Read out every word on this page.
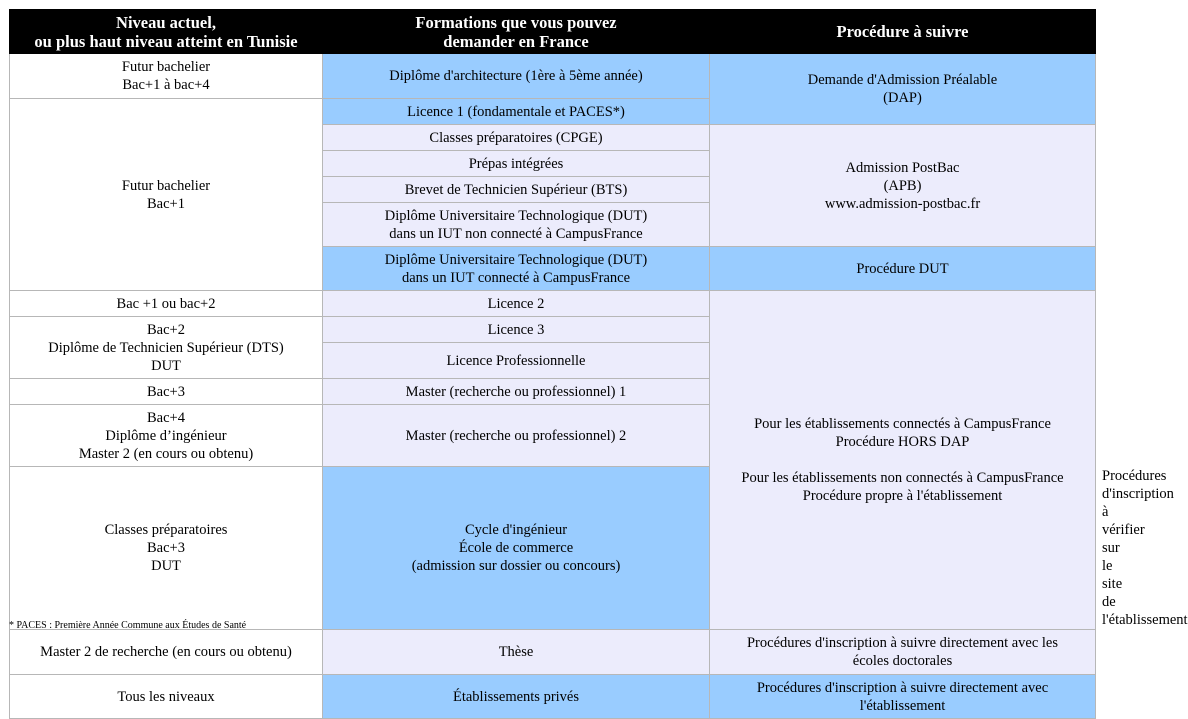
Niveau actuel,
ou plus haut niveau atteint en Tunisie	Formations que vous pouvez
demander en France	Procédure à suivre	
Futur bachelier
Bac+1 à bac+4	Diplôme d'architecture (1ère à 5ème année)	Demande d'Admission Préalable
(DAP)	
Futur bachelier
Bac+1	Licence 1 (fondamentale et PACES*)		
	Classes préparatoires (CPGE)	Admission PostBac
(APB)
www.admission-postbac.fr	
	Prépas intégrées		
	Brevet de Technicien Supérieur (BTS)		
	Diplôme Universitaire Technologique (DUT)
dans un IUT non connecté à CampusFrance		
	Diplôme Universitaire Technologique (DUT)
dans un IUT connecté à CampusFrance	Procédure DUT	
Bac +1 ou bac+2	Licence 2	Pour les établissements connectés à CampusFrance
Procédure HORS DAP

Pour les établissements non connectés à CampusFrance
Procédure propre à l'établissement	
Bac+2
Diplôme de Technicien Supérieur (DTS)
DUT	Licence 3		
	Licence Professionnelle		
Bac+3	Master (recherche ou professionnel) 1		
Bac+4
Diplôme d’ingénieur
Master 2 (en cours ou obtenu)	Master (recherche ou professionnel) 2		
Classes préparatoires
Bac+3
DUT	Cycle d'ingénieur
École de commerce
(admission sur dossier ou concours)		Procédures d'inscription à vérifier sur le site de
l'établissement
Master 2 de recherche (en cours ou obtenu)	Thèse	Procédures d'inscription à suivre directement avec les
écoles doctorales	
Tous les niveaux	Établissements privés	Procédures d'inscription à suivre directement avec
l'établissement	
* PACES : Première Année Commune aux Études de Santé
